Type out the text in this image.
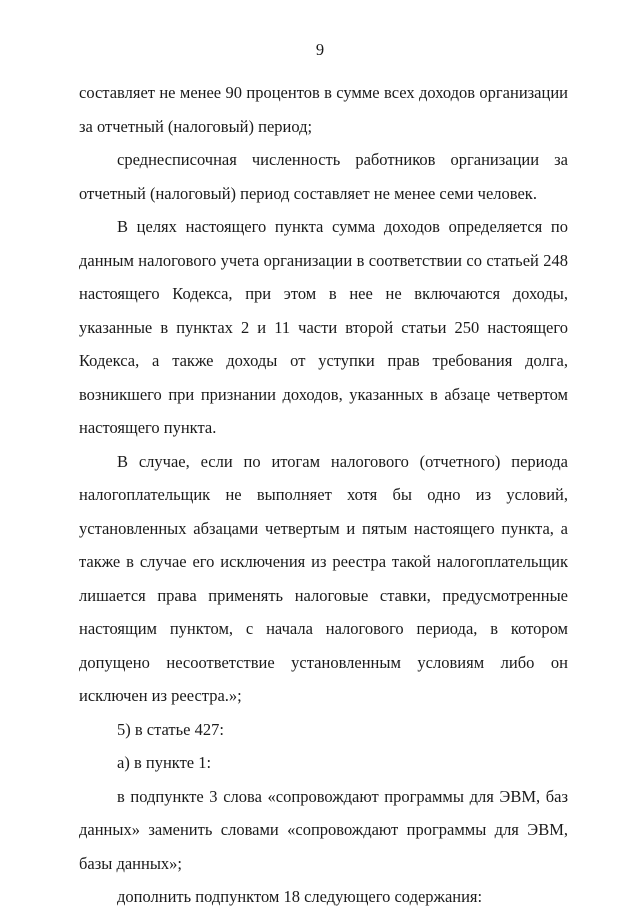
9

составляет не менее 90 процентов в сумме всех доходов организации за отчетный (налоговый) период;

среднесписочная численность работников организации за отчетный (налоговый) период составляет не менее семи человек.

В целях настоящего пункта сумма доходов определяется по данным налогового учета организации в соответствии со статьей 248 настоящего Кодекса, при этом в нее не включаются доходы, указанные в пунктах 2 и 11 части второй статьи 250 настоящего Кодекса, а также доходы от уступки прав требования долга, возникшего при признании доходов, указанных в абзаце четвертом настоящего пункта.

В случае, если по итогам налогового (отчетного) периода налогоплательщик не выполняет хотя бы одно из условий, установленных абзацами четвертым и пятым настоящего пункта, а также в случае его исключения из реестра такой налогоплательщик лишается права применять налоговые ставки, предусмотренные настоящим пунктом, с начала налогового периода, в котором допущено несоответствие установленным условиям либо он исключен из реестра.»;

5) в статье 427:

а) в пункте 1:

в подпункте 3 слова «сопровождают программы для ЭВМ, баз данных» заменить словами «сопровождают программы для ЭВМ, базы данных»;

дополнить подпунктом 18 следующего содержания:
